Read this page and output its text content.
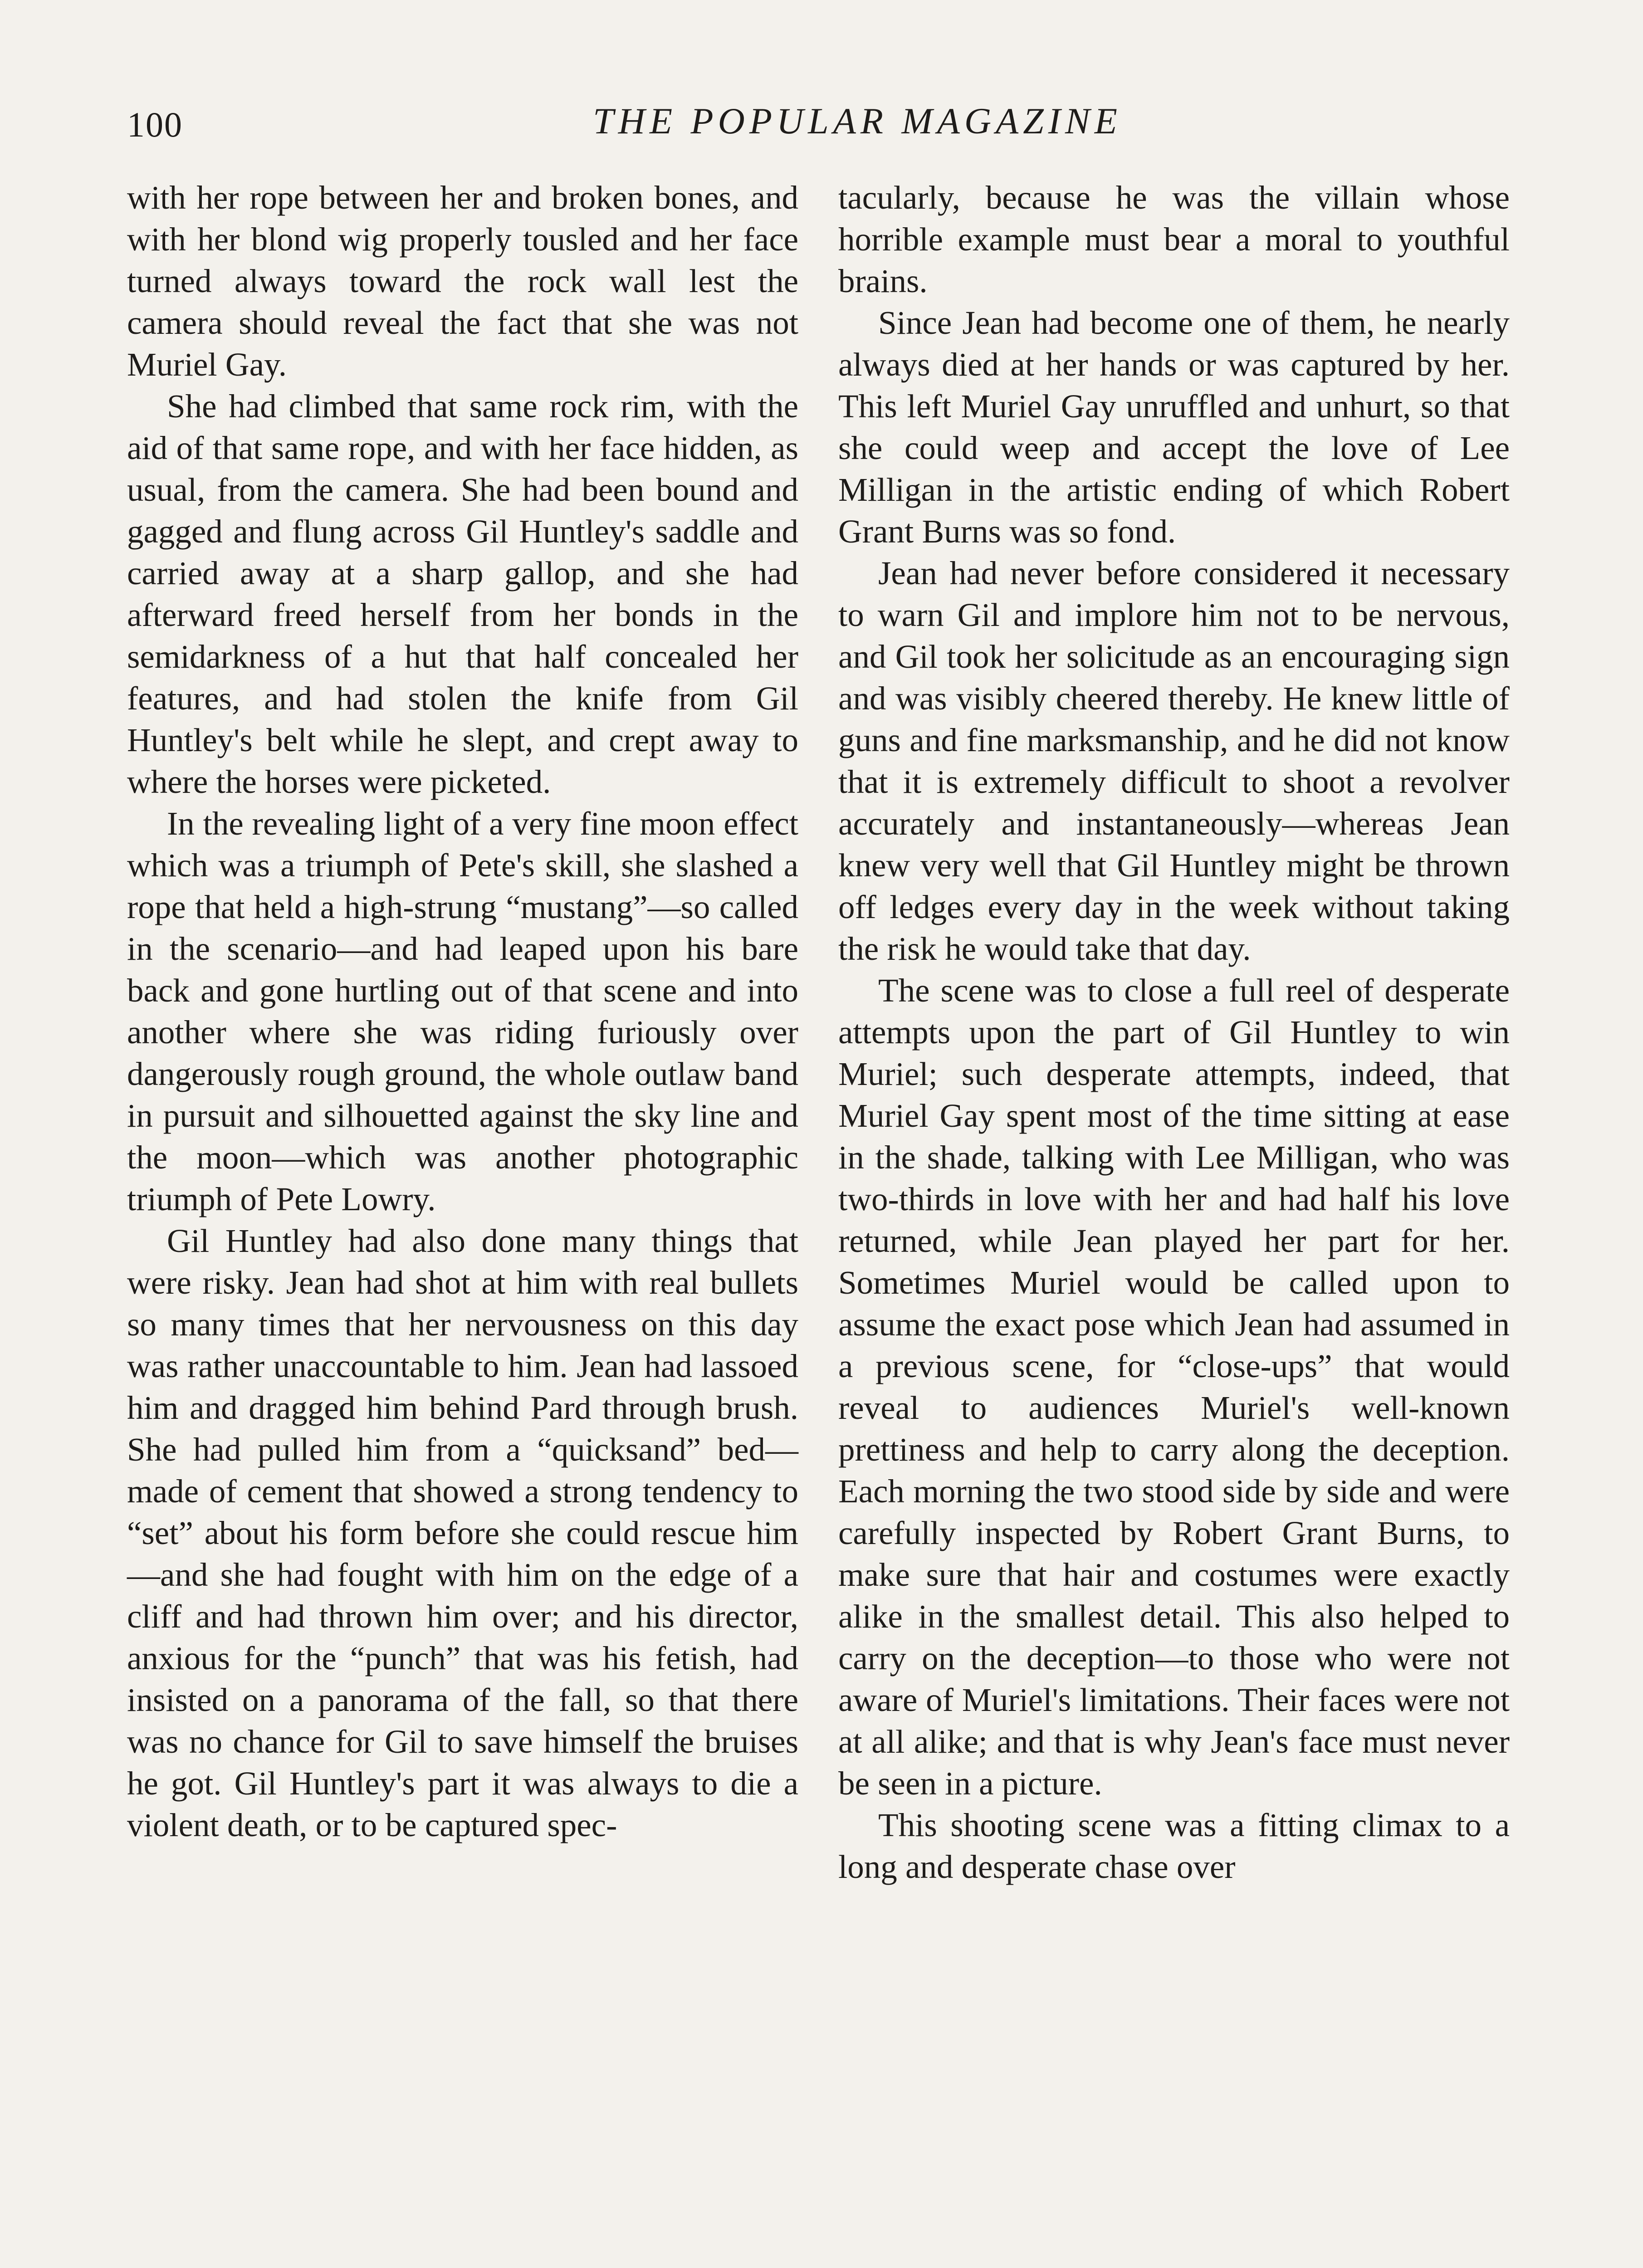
100	THE POPULAR MAGAZINE

with her rope between her and broken bones, and with her blond wig properly tousled and her face turned always toward the rock wall lest the camera should reveal the fact that she was not Muriel Gay.

She had climbed that same rock rim, with the aid of that same rope, and with her face hidden, as usual, from the camera. She had been bound and gagged and flung across Gil Huntley's saddle and carried away at a sharp gallop, and she had afterward freed herself from her bonds in the semidarkness of a hut that half concealed her features, and had stolen the knife from Gil Huntley's belt while he slept, and crept away to where the horses were picketed.

In the revealing light of a very fine moon effect which was a triumph of Pete's skill, she slashed a rope that held a high-strung “mustang”—so called in the scenario—and had leaped upon his bare back and gone hurtling out of that scene and into another where she was riding furiously over dangerously rough ground, the whole outlaw band in pursuit and silhouetted against the sky line and the moon—which was another photographic triumph of Pete Lowry.

Gil Huntley had also done many things that were risky. Jean had shot at him with real bullets so many times that her nervousness on this day was rather unaccountable to him. Jean had lassoed him and dragged him behind Pard through brush. She had pulled him from a “quicksand” bed—made of cement that showed a strong tendency to “set” about his form before she could rescue him—and she had fought with him on the edge of a cliff and had thrown him over; and his director, anxious for the “punch” that was his fetish, had insisted on a panorama of the fall, so that there was no chance for Gil to save himself the bruises he got. Gil Huntley's part it was always to die a violent death, or to be captured spec-

tacularly, because he was the villain whose horrible example must bear a moral to youthful brains.

Since Jean had become one of them, he nearly always died at her hands or was captured by her. This left Muriel Gay unruffled and unhurt, so that she could weep and accept the love of Lee Milligan in the artistic ending of which Robert Grant Burns was so fond.

Jean had never before considered it necessary to warn Gil and implore him not to be nervous, and Gil took her solicitude as an encouraging sign and was visibly cheered thereby. He knew little of guns and fine marksmanship, and he did not know that it is extremely difficult to shoot a revolver accurately and instantaneously—whereas Jean knew very well that Gil Huntley might be thrown off ledges every day in the week without taking the risk he would take that day.

The scene was to close a full reel of desperate attempts upon the part of Gil Huntley to win Muriel; such desperate attempts, indeed, that Muriel Gay spent most of the time sitting at ease in the shade, talking with Lee Milligan, who was two-thirds in love with her and had half his love returned, while Jean played her part for her. Sometimes Muriel would be called upon to assume the exact pose which Jean had assumed in a previous scene, for “close-ups” that would reveal to audiences Muriel's well-known prettiness and help to carry along the deception. Each morning the two stood side by side and were carefully inspected by Robert Grant Burns, to make sure that hair and costumes were exactly alike in the smallest detail. This also helped to carry on the deception—to those who were not aware of Muriel's limitations. Their faces were not at all alike; and that is why Jean's face must never be seen in a picture.

This shooting scene was a fitting climax to a long and desperate chase over
